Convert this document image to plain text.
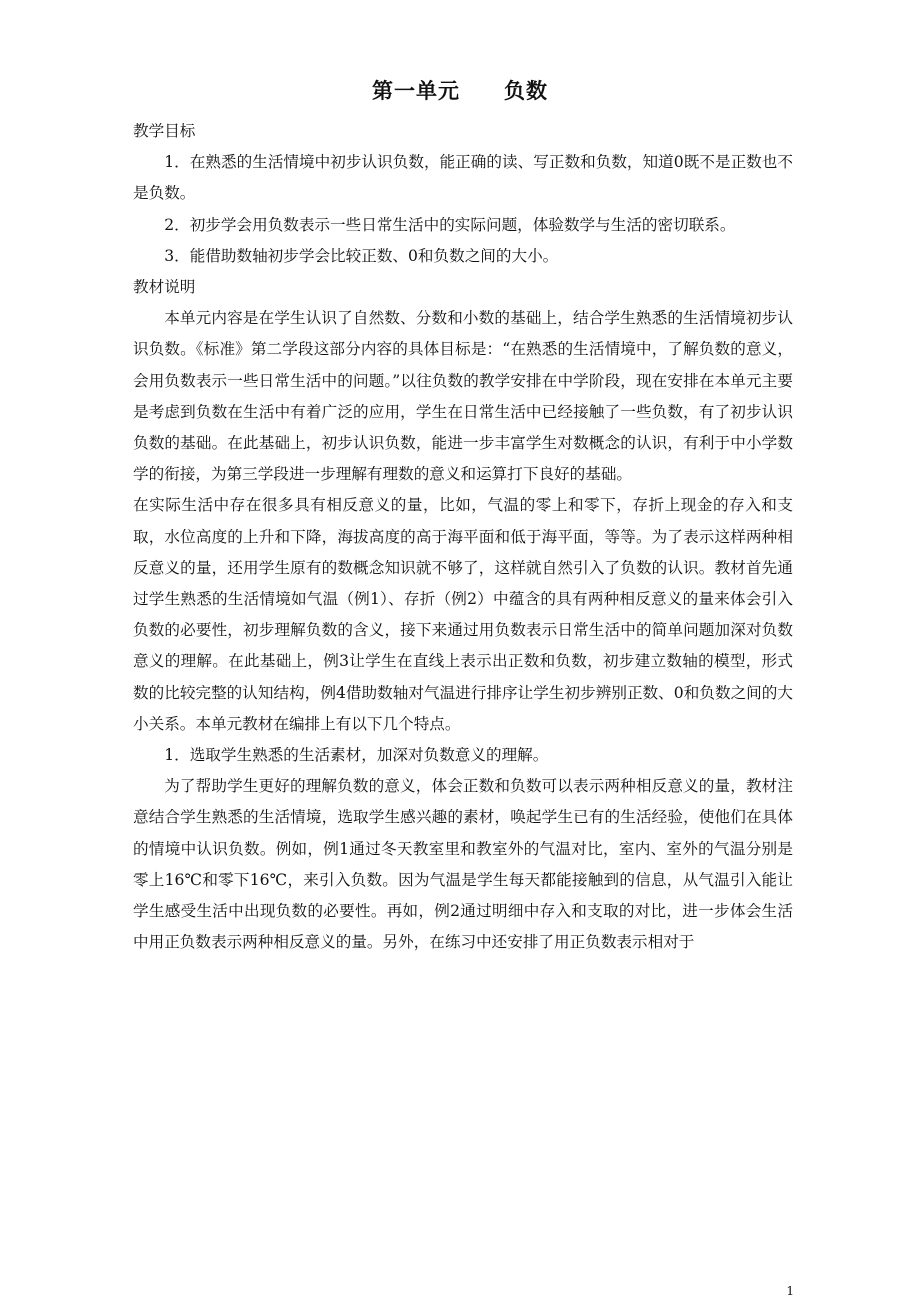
第一单元　　负数

教学目标

1．在熟悉的生活情境中初步认识负数，能正确的读、写正数和负数，知道0既不是正数也不是负数。

2．初步学会用负数表示一些日常生活中的实际问题，体验数学与生活的密切联系。

3．能借助数轴初步学会比较正数、0和负数之间的大小。

教材说明

本单元内容是在学生认识了自然数、分数和小数的基础上，结合学生熟悉的生活情境初步认识负数。《标准》第二学段这部分内容的具体目标是：“在熟悉的生活情境中，了解负数的意义，会用负数表示一些日常生活中的问题。”以往负数的教学安排在中学阶段，现在安排在本单元主要是考虑到负数在生活中有着广泛的应用，学生在日常生活中已经接触了一些负数，有了初步认识负数的基础。在此基础上，初步认识负数，能进一步丰富学生对数概念的认识，有利于中小学数学的衔接，为第三学段进一步理解有理数的意义和运算打下良好的基础。

在实际生活中存在很多具有相反意义的量，比如，气温的零上和零下，存折上现金的存入和支取，水位高度的上升和下降，海拔高度的高于海平面和低于海平面，等等。为了表示这样两种相反意义的量，还用学生原有的数概念知识就不够了，这样就自然引入了负数的认识。教材首先通过学生熟悉的生活情境如气温（例1）、存折（例2）中蕴含的具有两种相反意义的量来体会引入负数的必要性，初步理解负数的含义，接下来通过用负数表示日常生活中的简单问题加深对负数意义的理解。在此基础上，例3让学生在直线上表示出正数和负数，初步建立数轴的模型，形式数的比较完整的认知结构，例4借助数轴对气温进行排序让学生初步辨别正数、0和负数之间的大小关系。本单元教材在编排上有以下几个特点。

1．选取学生熟悉的生活素材，加深对负数意义的理解。

为了帮助学生更好的理解负数的意义，体会正数和负数可以表示两种相反意义的量，教材注意结合学生熟悉的生活情境，选取学生感兴趣的素材，唤起学生已有的生活经验，使他们在具体的情境中认识负数。例如，例1通过冬天教室里和教室外的气温对比，室内、室外的气温分别是零上16℃和零下16℃，来引入负数。因为气温是学生每天都能接触到的信息，从气温引入能让学生感受生活中出现负数的必要性。再如，例2通过明细中存入和支取的对比，进一步体会生活中用正负数表示两种相反意义的量。另外，在练习中还安排了用正负数表示相对于

1
